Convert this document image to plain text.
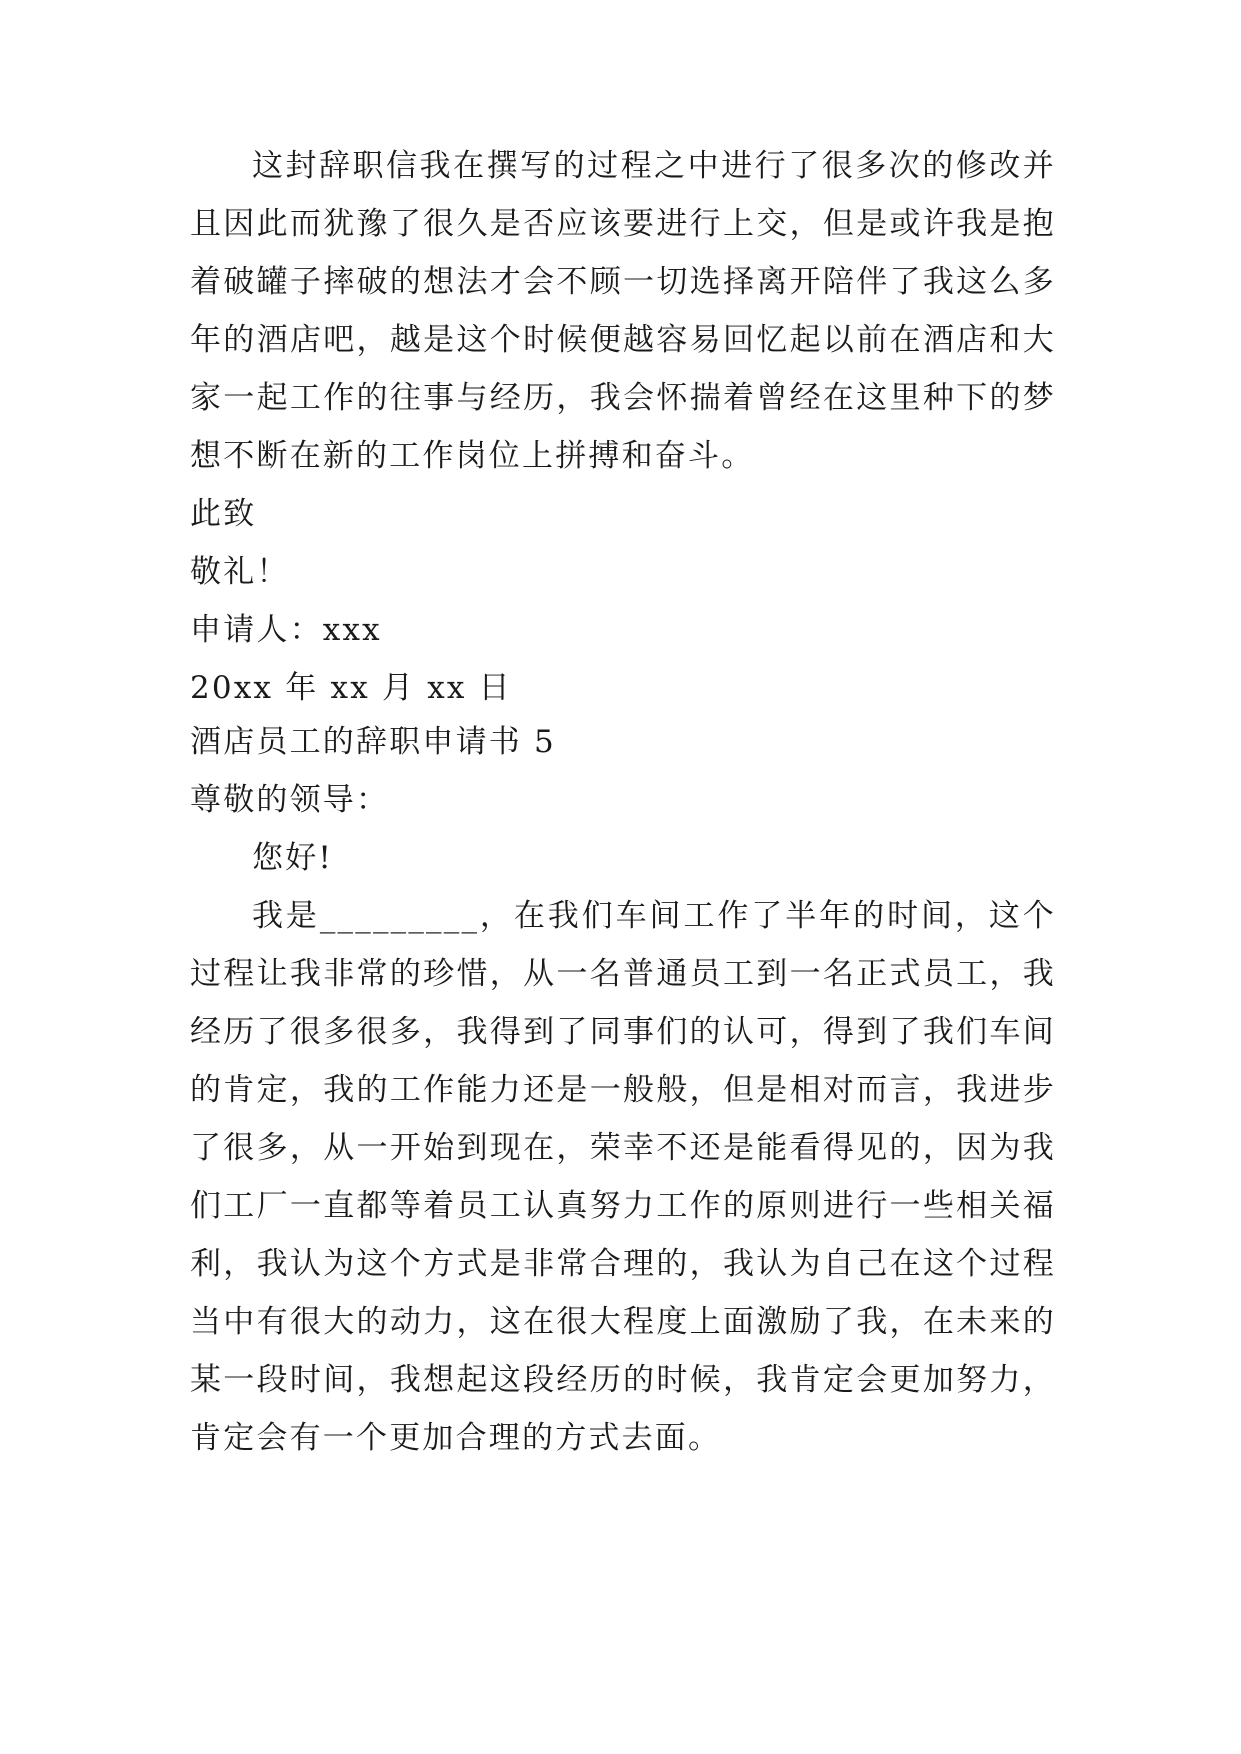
这封辞职信我在撰写的过程之中进行了很多次的修改并且因此而犹豫了很久是否应该要进行上交，但是或许我是抱着破罐子摔破的想法才会不顾一切选择离开陪伴了我这么多年的酒店吧，越是这个时候便越容易回忆起以前在酒店和大家一起工作的往事与经历，我会怀揣着曾经在这里种下的梦想不断在新的工作岗位上拼搏和奋斗。

此致

敬礼！

申请人：xxx

20xx 年 xx 月 xx 日

酒店员工的辞职申请书 5

尊敬的领导：

您好!

我是_________，在我们车间工作了半年的时间，这个过程让我非常的珍惜，从一名普通员工到一名正式员工，我经历了很多很多，我得到了同事们的认可，得到了我们车间的肯定，我的工作能力还是一般般，但是相对而言，我进步了很多，从一开始到现在，荣幸不还是能看得见的，因为我们工厂一直都等着员工认真努力工作的原则进行一些相关福利，我认为这个方式是非常合理的，我认为自己在这个过程当中有很大的动力，这在很大程度上面激励了我，在未来的某一段时间，我想起这段经历的时候，我肯定会更加努力，肯定会有一个更加合理的方式去面。
